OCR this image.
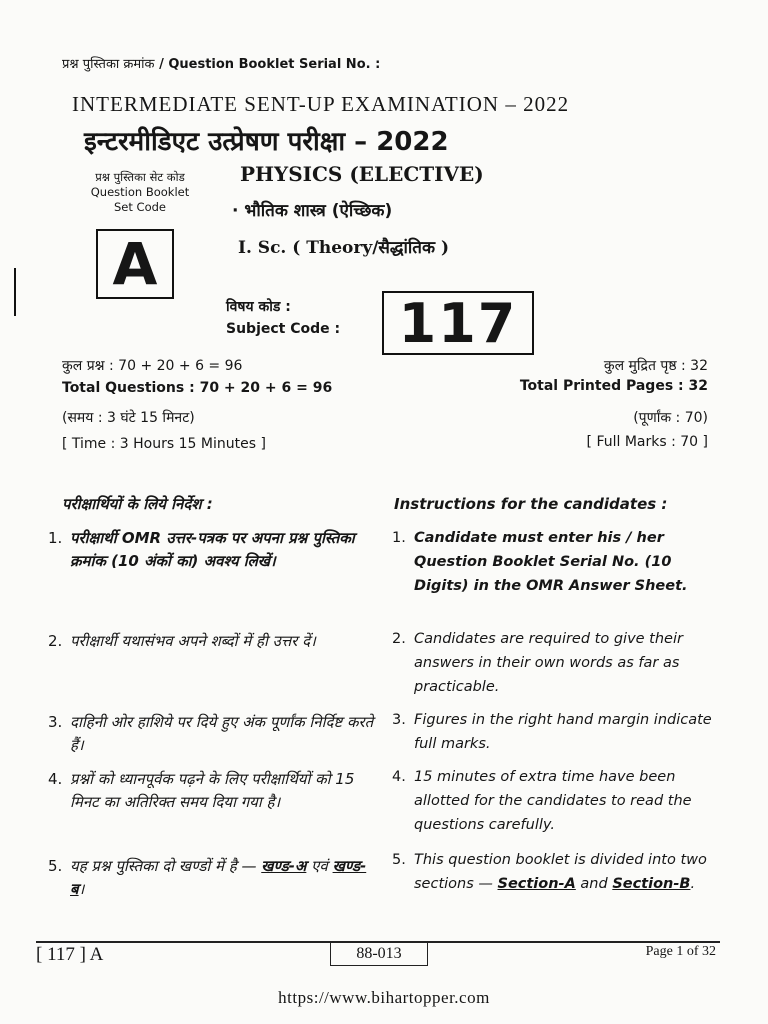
प्रश्न पुस्तिका क्रमांक / Question Booklet Serial No. :
INTERMEDIATE SENT-UP EXAMINATION – 2022
इन्टरमीडिएट उत्प्रेषण परीक्षा – 2022
प्रश्न पुस्तिका सेट कोड
Question Booklet
Set Code
A
PHYSICS (ELECTIVE)
· भौतिक शास्त्र (ऐच्छिक)
I. Sc. ( Theory/सैद्धांतिक )
विषय कोड :
Subject Code :	117
कुल प्रश्न : 70 + 20 + 6 = 96
Total Questions : 70 + 20 + 6 = 96
(समय : 3 घंटे 15 मिनट)
[ Time : 3 Hours 15 Minutes ]
कुल मुद्रित पृष्ठ : 32
Total Printed Pages : 32
(पूर्णांक : 70)
[ Full Marks : 70 ]
परीक्षार्थियों के लिये निर्देश :	Instructions for the candidates :
1. परीक्षार्थी OMR उत्तर-पत्रक पर अपना प्रश्न पुस्तिका क्रमांक (10 अंकों का) अवश्य लिखें।
2. परीक्षार्थी यथासंभव अपने शब्दों में ही उत्तर दें।
3. दाहिनी ओर हाशिये पर दिये हुए अंक पूर्णांक निर्दिष्ट करते हैं।
4. प्रश्नों को ध्यानपूर्वक पढ़ने के लिए परीक्षार्थियों को 15 मिनट का अतिरिक्त समय दिया गया है।
5. यह प्रश्न पुस्तिका दो खण्डों में है — खण्ड-अ एवं खण्ड-ब।
1. Candidate must enter his / her Question Booklet Serial No. (10 Digits) in the OMR Answer Sheet.
2. Candidates are required to give their answers in their own words as far as practicable.
3. Figures in the right hand margin indicate full marks.
4. 15 minutes of extra time have been allotted for the candidates to read the questions carefully.
5. This question booklet is divided into two sections — Section-A and Section-B.
[ 117 ] A	88-013	Page 1 of 32
https://www.bihartopper.com
